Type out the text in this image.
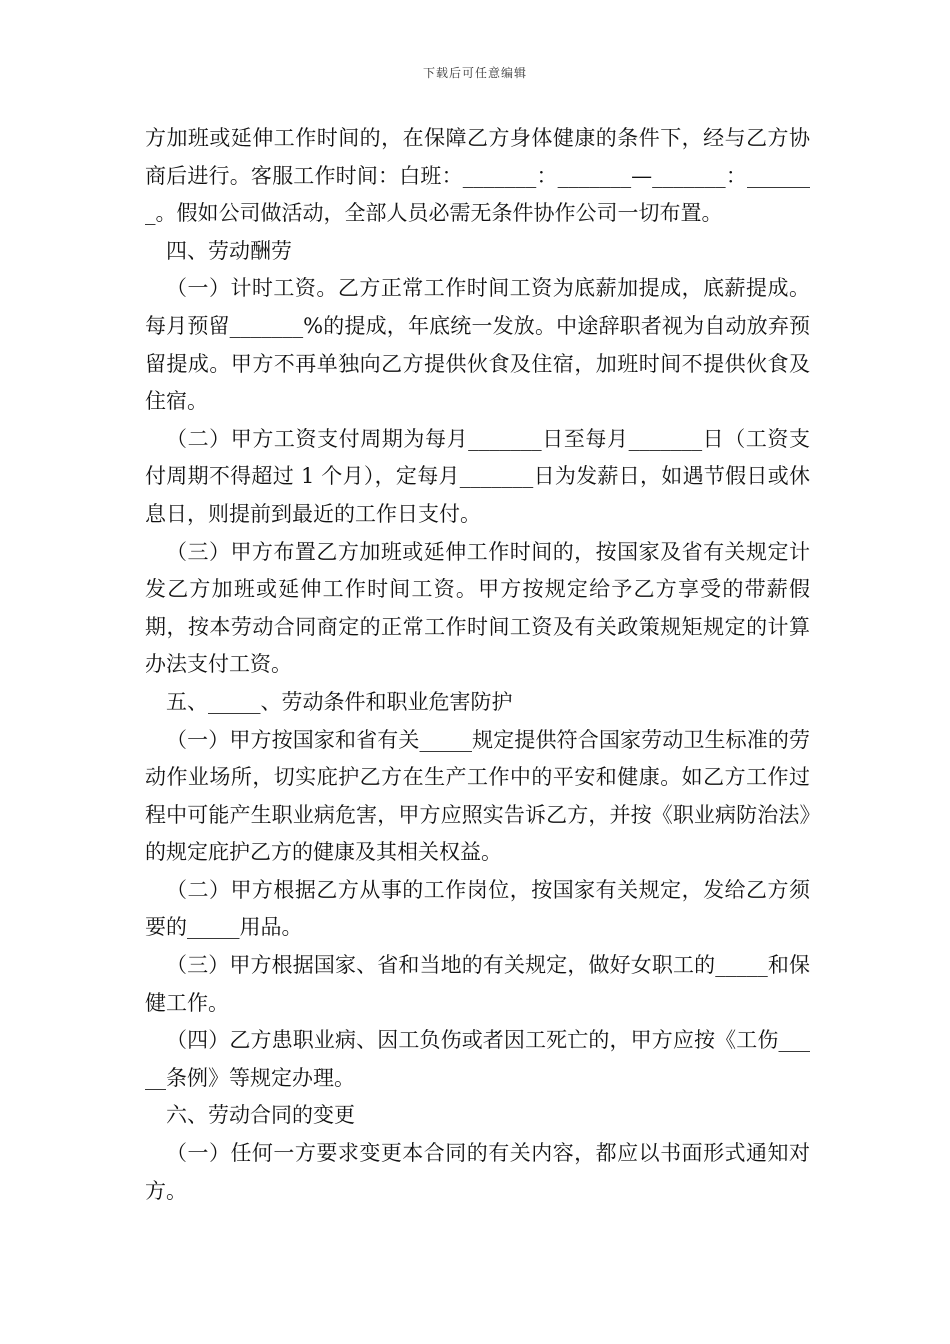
下载后可任意编辑

方加班或延伸工作时间的，在保障乙方身体健康的条件下，经与乙方协商后进行。客服工作时间：白班：_______：_______—_______：_______。假如公司做活动，全部人员必需无条件协作公司一切布置。

四、劳动酬劳

（一）计时工资。乙方正常工作时间工资为底薪加提成，底薪提成。每月预留_______%的提成，年底统一发放。中途辞职者视为自动放弃预留提成。甲方不再单独向乙方提供伙食及住宿，加班时间不提供伙食及住宿。

（二）甲方工资支付周期为每月_______日至每月_______日（工资支付周期不得超过 1 个月），定每月_______日为发薪日，如遇节假日或休息日，则提前到最近的工作日支付。

（三）甲方布置乙方加班或延伸工作时间的，按国家及省有关规定计发乙方加班或延伸工作时间工资。甲方按规定给予乙方享受的带薪假期，按本劳动合同商定的正常工作时间工资及有关政策规矩规定的计算办法支付工资。

五、_____、劳动条件和职业危害防护

（一）甲方按国家和省有关_____规定提供符合国家劳动卫生标准的劳动作业场所，切实庇护乙方在生产工作中的平安和健康。如乙方工作过程中可能产生职业病危害，甲方应照实告诉乙方，并按《职业病防治法》的规定庇护乙方的健康及其相关权益。

（二）甲方根据乙方从事的工作岗位，按国家有关规定，发给乙方须要的_____用品。

（三）甲方根据国家、省和当地的有关规定，做好女职工的_____和保健工作。

（四）乙方患职业病、因工负伤或者因工死亡的，甲方应按《工伤_____条例》等规定办理。

六、劳动合同的变更

（一）任何一方要求变更本合同的有关内容，都应以书面形式通知对方。
